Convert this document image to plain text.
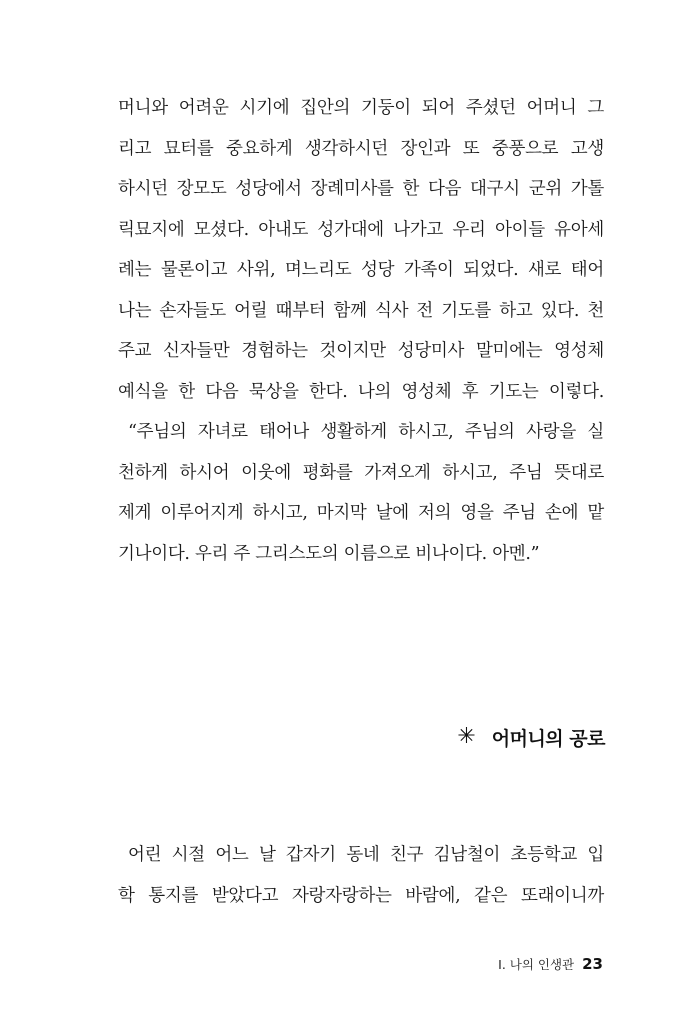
머니와 어려운 시기에 집안의 기둥이 되어 주셨던 어머니 그
리고 묘터를 중요하게 생각하시던 장인과 또 중풍으로 고생
하시던 장모도 성당에서 장례미사를 한 다음 대구시 군위 가톨
릭묘지에 모셨다. 아내도 성가대에 나가고 우리 아이들 유아세
례는 물론이고 사위, 며느리도 성당 가족이 되었다. 새로 태어
나는 손자들도 어릴 때부터 함께 식사 전 기도를 하고 있다. 천
주교 신자들만 경험하는 것이지만 성당미사 말미에는 영성체
예식을 한 다음 묵상을 한다. 나의 영성체 후 기도는 이렇다.
“주님의 자녀로 태어나 생활하게 하시고, 주님의 사랑을 실
천하게 하시어 이웃에 평화를 가져오게 하시고, 주님 뜻대로
제게 이루어지게 하시고, 마지막 날에 저의 영을 주님 손에 맡
기나이다. 우리 주 그리스도의 이름으로 비나이다. 아멘.”
✳ 어머니의 공로
어린 시절 어느 날 갑자기 동네 친구 김남철이 초등학교 입
학 통지를 받았다고 자랑자랑하는 바람에, 같은 또래이니까
Ⅰ. 나의 인생관 23
